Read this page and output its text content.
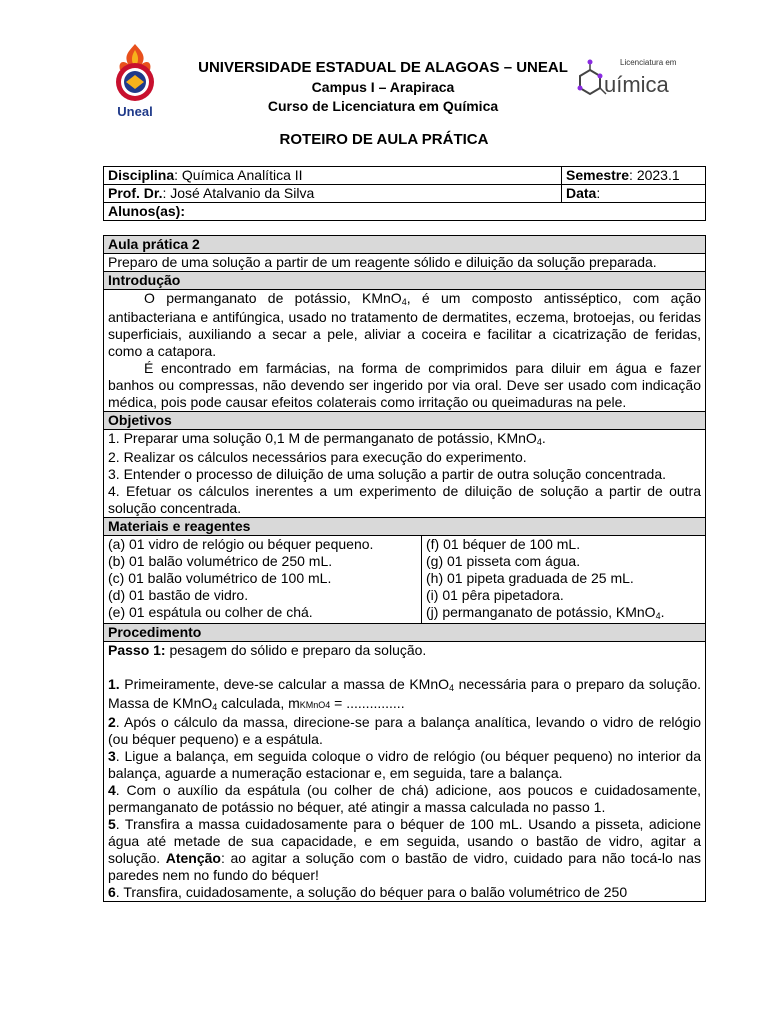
Uneal
Licenciatura em
uímica
UNIVERSIDADE ESTADUAL DE ALAGOAS – UNEAL
Campus I – Arapiraca
Curso de Licenciatura em Química
ROTEIRO DE AULA PRÁTICA
Disciplina: Química Analítica II	Semestre: 2023.1
Prof. Dr.: José Atalvanio da Silva	Data:
Alunos(as):	
Aula prática 2
Preparo de uma solução a partir de um reagente sólido e diluição da solução preparada.
Introdução

O permanganato de potássio, KMnO$_4$, é um composto antisséptico, com ação antibacteriana e antifúngica, usado no tratamento de dermatites, eczema, brotoejas, ou feridas superficiais, auxiliando a secar a pele, aliviar a coceira e facilitar a cicatrização de feridas, como a catapora.

É encontrado em farmácias, na forma de comprimidos para diluir em água e fazer banhos ou compressas, não devendo ser ingerido por via oral. Deve ser usado com indicação médica, pois pode causar efeitos colaterais como irritação ou queimaduras na pele.

Objetivos

1. Preparar uma solução 0,1 M de permanganato de potássio, KMnO$_4$.

2. Realizar os cálculos necessários para execução do experimento.

3. Entender o processo de diluição de uma solução a partir de outra solução concentrada.

4. Efetuar os cálculos inerentes a um experimento de diluição de solução a partir de outra solução concentrada.

Materiais e reagentes

(a) 01 vidro de relógio ou béquer pequeno.

(b) 01 balão volumétrico de 250 mL.

(c) 01 balão volumétrico de 100 mL.

(d) 01 bastão de vidro.

(e) 01 espátula ou colher de chá.

(f) 01 béquer de 100 mL.

(g) 01 pisseta com água.

(h) 01 pipeta graduada de 25 mL.

(i) 01 pêra pipetadora.

(j) permanganato de potássio, KMnO$_4$.

Procedimento

Passo 1: pesagem do sólido e preparo da solução.

1. Primeiramente, deve-se calcular a massa de KMnO$_4$ necessária para o preparo da solução. Massa de KMnO$_4$ calculada, mKMnO4 = ...............

2. Após o cálculo da massa, direcione-se para a balança analítica, levando o vidro de relógio (ou béquer pequeno) e a espátula.

3. Ligue a balança, em seguida coloque o vidro de relógio (ou béquer pequeno) no interior da balança, aguarde a numeração estacionar e, em seguida, tare a balança.

4. Com o auxílio da espátula (ou colher de chá) adicione, aos poucos e cuidadosamente, permanganato de potássio no béquer, até atingir a massa calculada no passo 1.

5. Transfira a massa cuidadosamente para o béquer de 100 mL. Usando a pisseta, adicione água até metade de sua capacidade, e em seguida, usando o bastão de vidro, agitar a solução. Atenção: ao agitar a solução com o bastão de vidro, cuidado para não tocá-lo nas paredes nem no fundo do béquer!

6. Transfira, cuidadosamente, a solução do béquer para o balão volumétrico de 250
